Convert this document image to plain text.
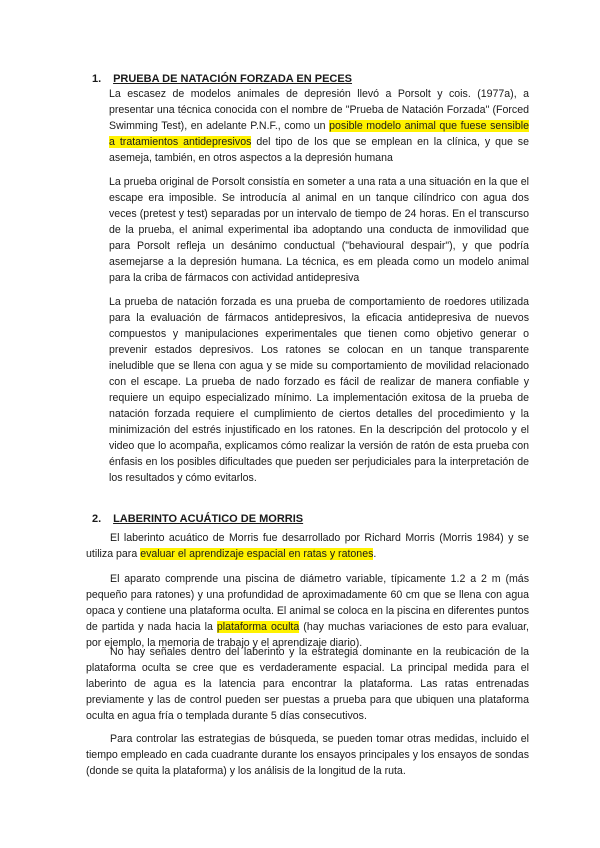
1. PRUEBA DE NATACIÓN FORZADA EN PECES

La escasez de modelos animales de depresión llevó a Porsolt y cois. (1977a), a presentar una técnica conocida con el nombre de "Prueba de Natación Forzada" (Forced Swimming Test), en adelante P.N.F., como un posible modelo animal que fuese sensible a tratamientos antidepresivos del tipo de los que se emplean en la clínica, y que se asemeja, también, en otros aspectos a la depresión humana

La prueba original de Porsolt consistía en someter a una rata a una situación en la que el escape era imposible. Se introducía al animal en un tanque cilíndrico con agua dos veces (pretest y test) separadas por un intervalo de tiempo de 24 horas. En el transcurso de la prueba, el animal experimental iba adoptando una conducta de inmovilidad que para Porsolt refleja un desánimo conductual ("behavioural despair"), y que podría asemejarse a la depresión humana. La técnica, es em pleada como un modelo animal para la criba de fármacos con actividad antidepresiva

La prueba de natación forzada es una prueba de comportamiento de roedores utilizada para la evaluación de fármacos antidepresivos, la eficacia antidepresiva de nuevos compuestos y manipulaciones experimentales que tienen como objetivo generar o prevenir estados depresivos. Los ratones se colocan en un tanque transparente ineludible que se llena con agua y se mide su comportamiento de movilidad relacionado con el escape. La prueba de nado forzado es fácil de realizar de manera confiable y requiere un equipo especializado mínimo. La implementación exitosa de la prueba de natación forzada requiere el cumplimiento de ciertos detalles del procedimiento y la minimización del estrés injustificado en los ratones. En la descripción del protocolo y el video que lo acompaña, explicamos cómo realizar la versión de ratón de esta prueba con énfasis en los posibles dificultades que pueden ser perjudiciales para la interpretación de los resultados y cómo evitarlos.

2. LABERINTO ACUÁTICO DE MORRIS

El laberinto acuático de Morris fue desarrollado por Richard Morris (Morris 1984) y se utiliza para evaluar el aprendizaje espacial en ratas y ratones.

El aparato comprende una piscina de diámetro variable, típicamente 1.2 a 2 m (más pequeño para ratones) y una profundidad de aproximadamente 60 cm que se llena con agua opaca y contiene una plataforma oculta. El animal se coloca en la piscina en diferentes puntos de partida y nada hacia la plataforma oculta (hay muchas variaciones de esto para evaluar, por ejemplo, la memoria de trabajo y el aprendizaje diario).

No hay señales dentro del laberinto y la estrategia dominante en la reubicación de la plataforma oculta se cree que es verdaderamente espacial. La principal medida para el laberinto de agua es la latencia para encontrar la plataforma. Las ratas entrenadas previamente y las de control pueden ser puestas a prueba para que ubiquen una plataforma oculta en agua fría o templada durante 5 días consecutivos.

Para controlar las estrategias de búsqueda, se pueden tomar otras medidas, incluido el tiempo empleado en cada cuadrante durante los ensayos principales y los ensayos de sondas (donde se quita la plataforma) y los análisis de la longitud de la ruta.
